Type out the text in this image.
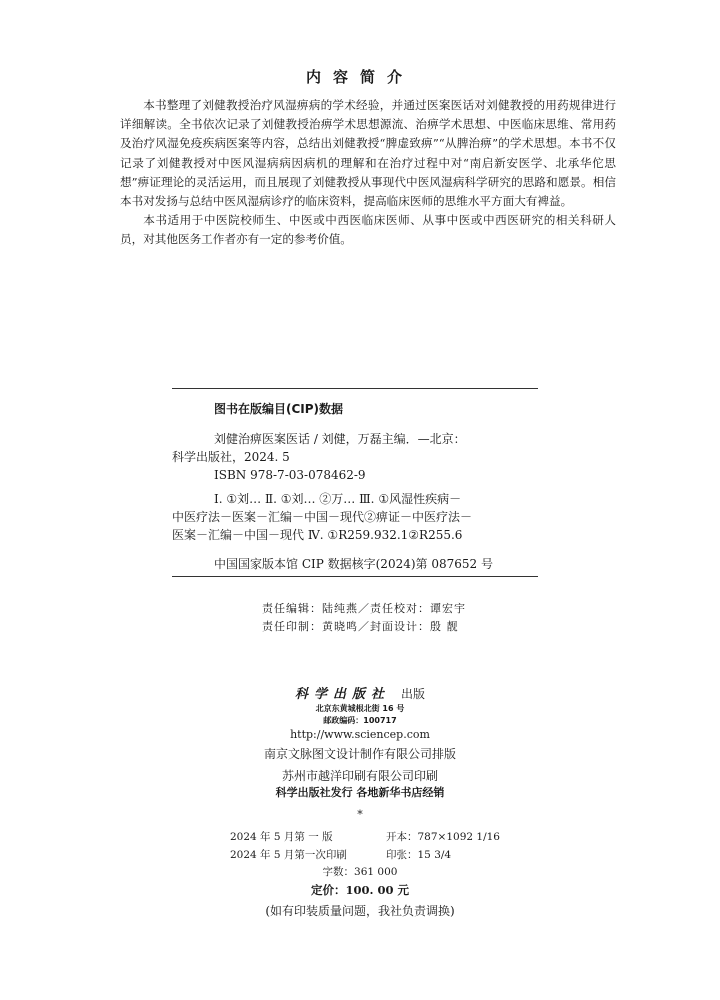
内容简介

本书整理了刘健教授治疗风湿痹病的学术经验，并通过医案医话对刘健教授的用药规律进行详细解读。全书依次记录了刘健教授治痹学术思想源流、治痹学术思想、中医临床思维、常用药及治疗风湿免疫疾病医案等内容，总结出刘健教授“脾虚致痹”“从脾治痹”的学术思想。本书不仅记录了刘健教授对中医风湿病病因病机的理解和在治疗过程中对“南启新安医学、北承华佗思想”痹证理论的灵活运用，而且展现了刘健教授从事现代中医风湿病科学研究的思路和愿景。相信本书对发扬与总结中医风湿病诊疗的临床资料，提高临床医师的思维水平方面大有裨益。

本书适用于中医院校师生、中医或中西医临床医师、从事中医或中西医研究的相关科研人员，对其他医务工作者亦有一定的参考价值。

图书在版编目(CIP)数据
刘健治痹医案医话 / 刘健，万磊主编．—北京：
科学出版社，2024. 5
ISBN 978-7-03-078462-9
Ⅰ. ①刘… Ⅱ. ①刘… ②万… Ⅲ. ①风湿性疾病－
中医疗法－医案－汇编－中国－现代②痹证－中医疗法－
医案－汇编－中国－现代 Ⅳ. ①R259.932.1②R255.6
中国国家版本馆 CIP 数据核字(2024)第 087652 号
责任编辑：陆纯燕／责任校对：谭宏宇
责任印制：黄晓鸣／封面设计：殷 靓
科学出版社 出版
北京东黄城根北街 16 号
邮政编码：100717
http://www.sciencep.com
南京文脉图文设计制作有限公司排版
苏州市越洋印刷有限公司印刷
科学出版社发行 各地新华书店经销
*
2024 年 5 月第 一 版	开本：787×1092 1/16
2024 年 5 月第一次印刷	印张：15 3/4
字数：361 000
定价：100. 00 元
(如有印装质量问题，我社负责调换)
